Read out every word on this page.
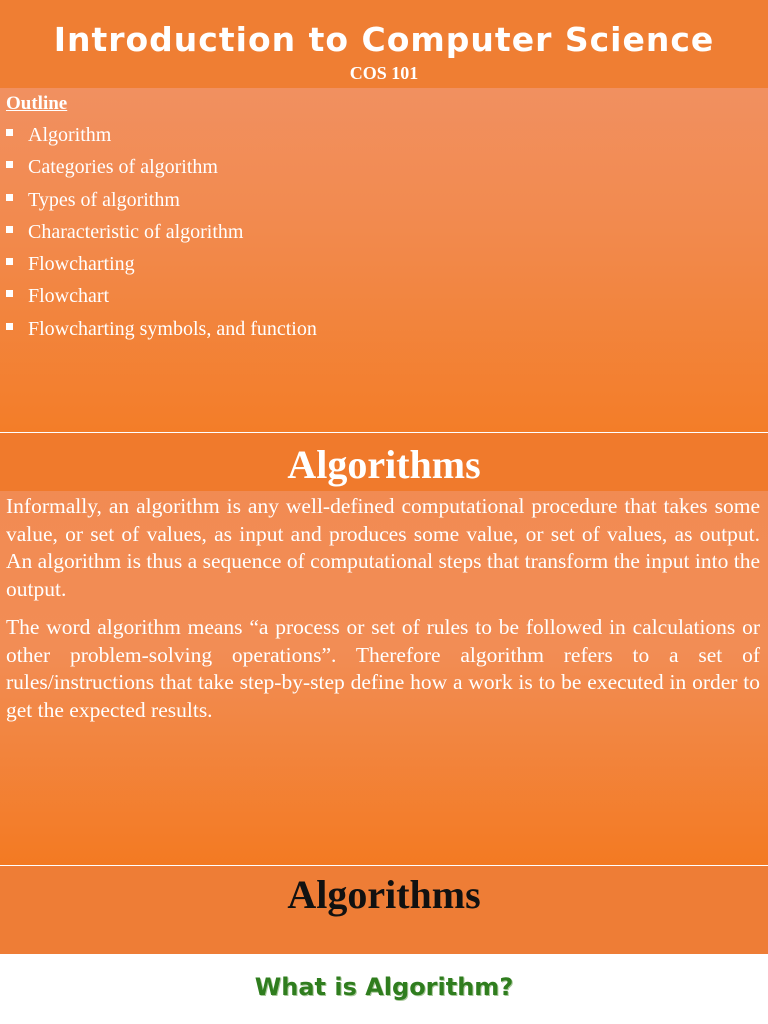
Introduction to Computer Science
COS 101
Outline
Algorithm
Categories of algorithm
Types of algorithm
Characteristic of algorithm
Flowcharting
Flowchart
Flowcharting symbols, and function
Algorithms

Informally, an algorithm is any well-defined computational procedure that takes some value, or set of values, as input and produces some value, or set of values, as output. An algorithm is thus a sequence of computational steps that transform the input into the output.

The word algorithm means “a process or set of rules to be followed in calculations or other problem-solving operations”. Therefore algorithm refers to a set of rules/instructions that take step-by-step define how a work is to be executed in order to get the expected results.

Algorithms
What is Algorithm?
